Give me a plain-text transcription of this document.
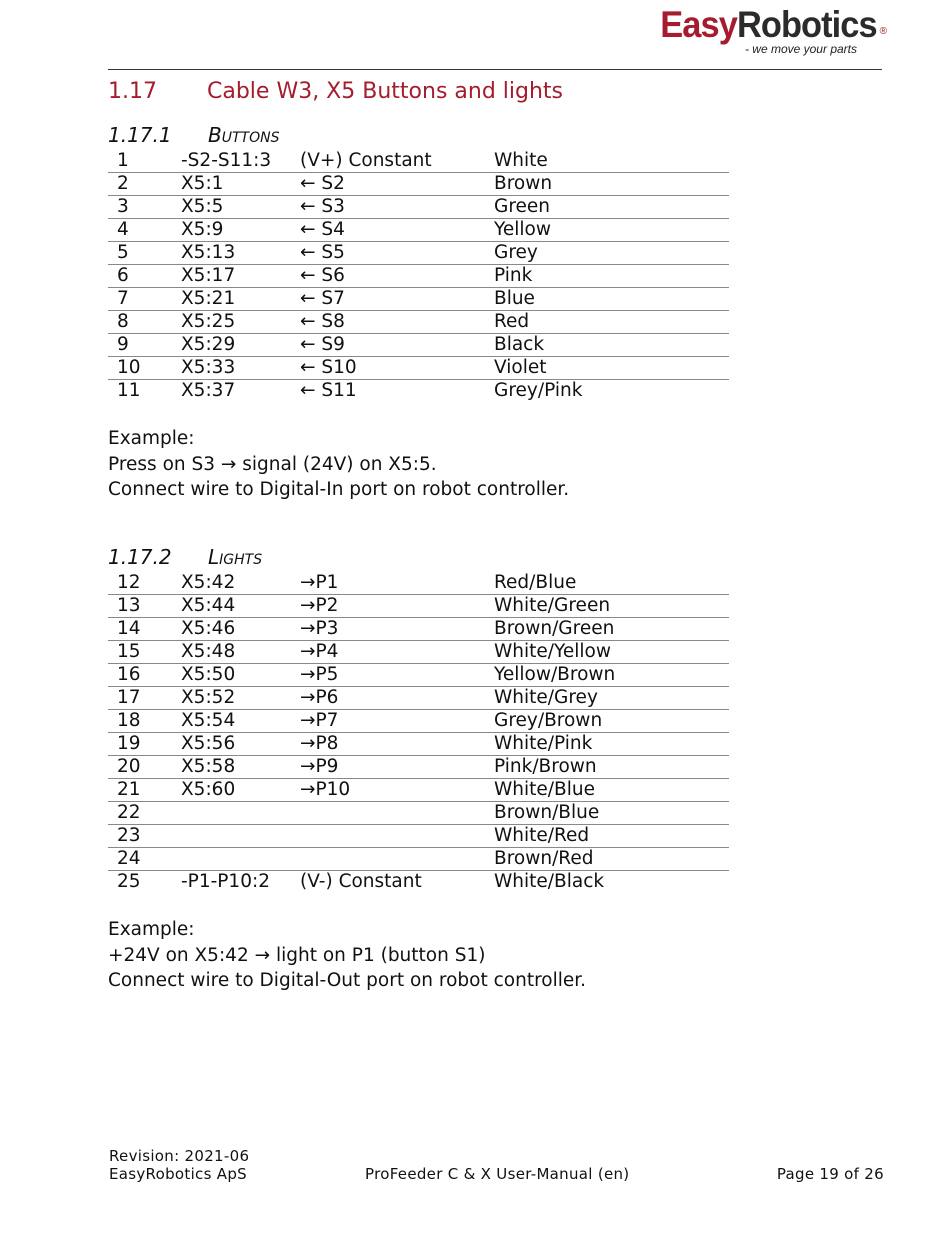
EasyRobotics ®
- we move your parts
1.17 Cable W3, X5 Buttons and lights
1.17.1 Buttons
1	-S2-S11:3	(V+) Constant	White
2	X5:1	← S2	Brown
3	X5:5	← S3	Green
4	X5:9	← S4	Yellow
5	X5:13	← S5	Grey
6	X5:17	← S6	Pink
7	X5:21	← S7	Blue
8	X5:25	← S8	Red
9	X5:29	← S9	Black
10	X5:33	← S10	Violet
11	X5:37	← S11	Grey/Pink
Example:
Press on S3 → signal (24V) on X5:5.
Connect wire to Digital-In port on robot controller.
1.17.2 Lights
12	X5:42	→P1	Red/Blue
13	X5:44	→P2	White/Green
14	X5:46	→P3	Brown/Green
15	X5:48	→P4	White/Yellow
16	X5:50	→P5	Yellow/Brown
17	X5:52	→P6	White/Grey
18	X5:54	→P7	Grey/Brown
19	X5:56	→P8	White/Pink
20	X5:58	→P9	Pink/Brown
21	X5:60	→P10	White/Blue
22			Brown/Blue
23			White/Red
24			Brown/Red
25	-P1-P10:2	(V-) Constant	White/Black
Example:
+24V on X5:42 → light on P1 (button S1)
Connect wire to Digital-Out port on robot controller.
Revision: 2021-06
EasyRobotics ApS	ProFeeder C & X User-Manual (en)	Page 19 of 26
